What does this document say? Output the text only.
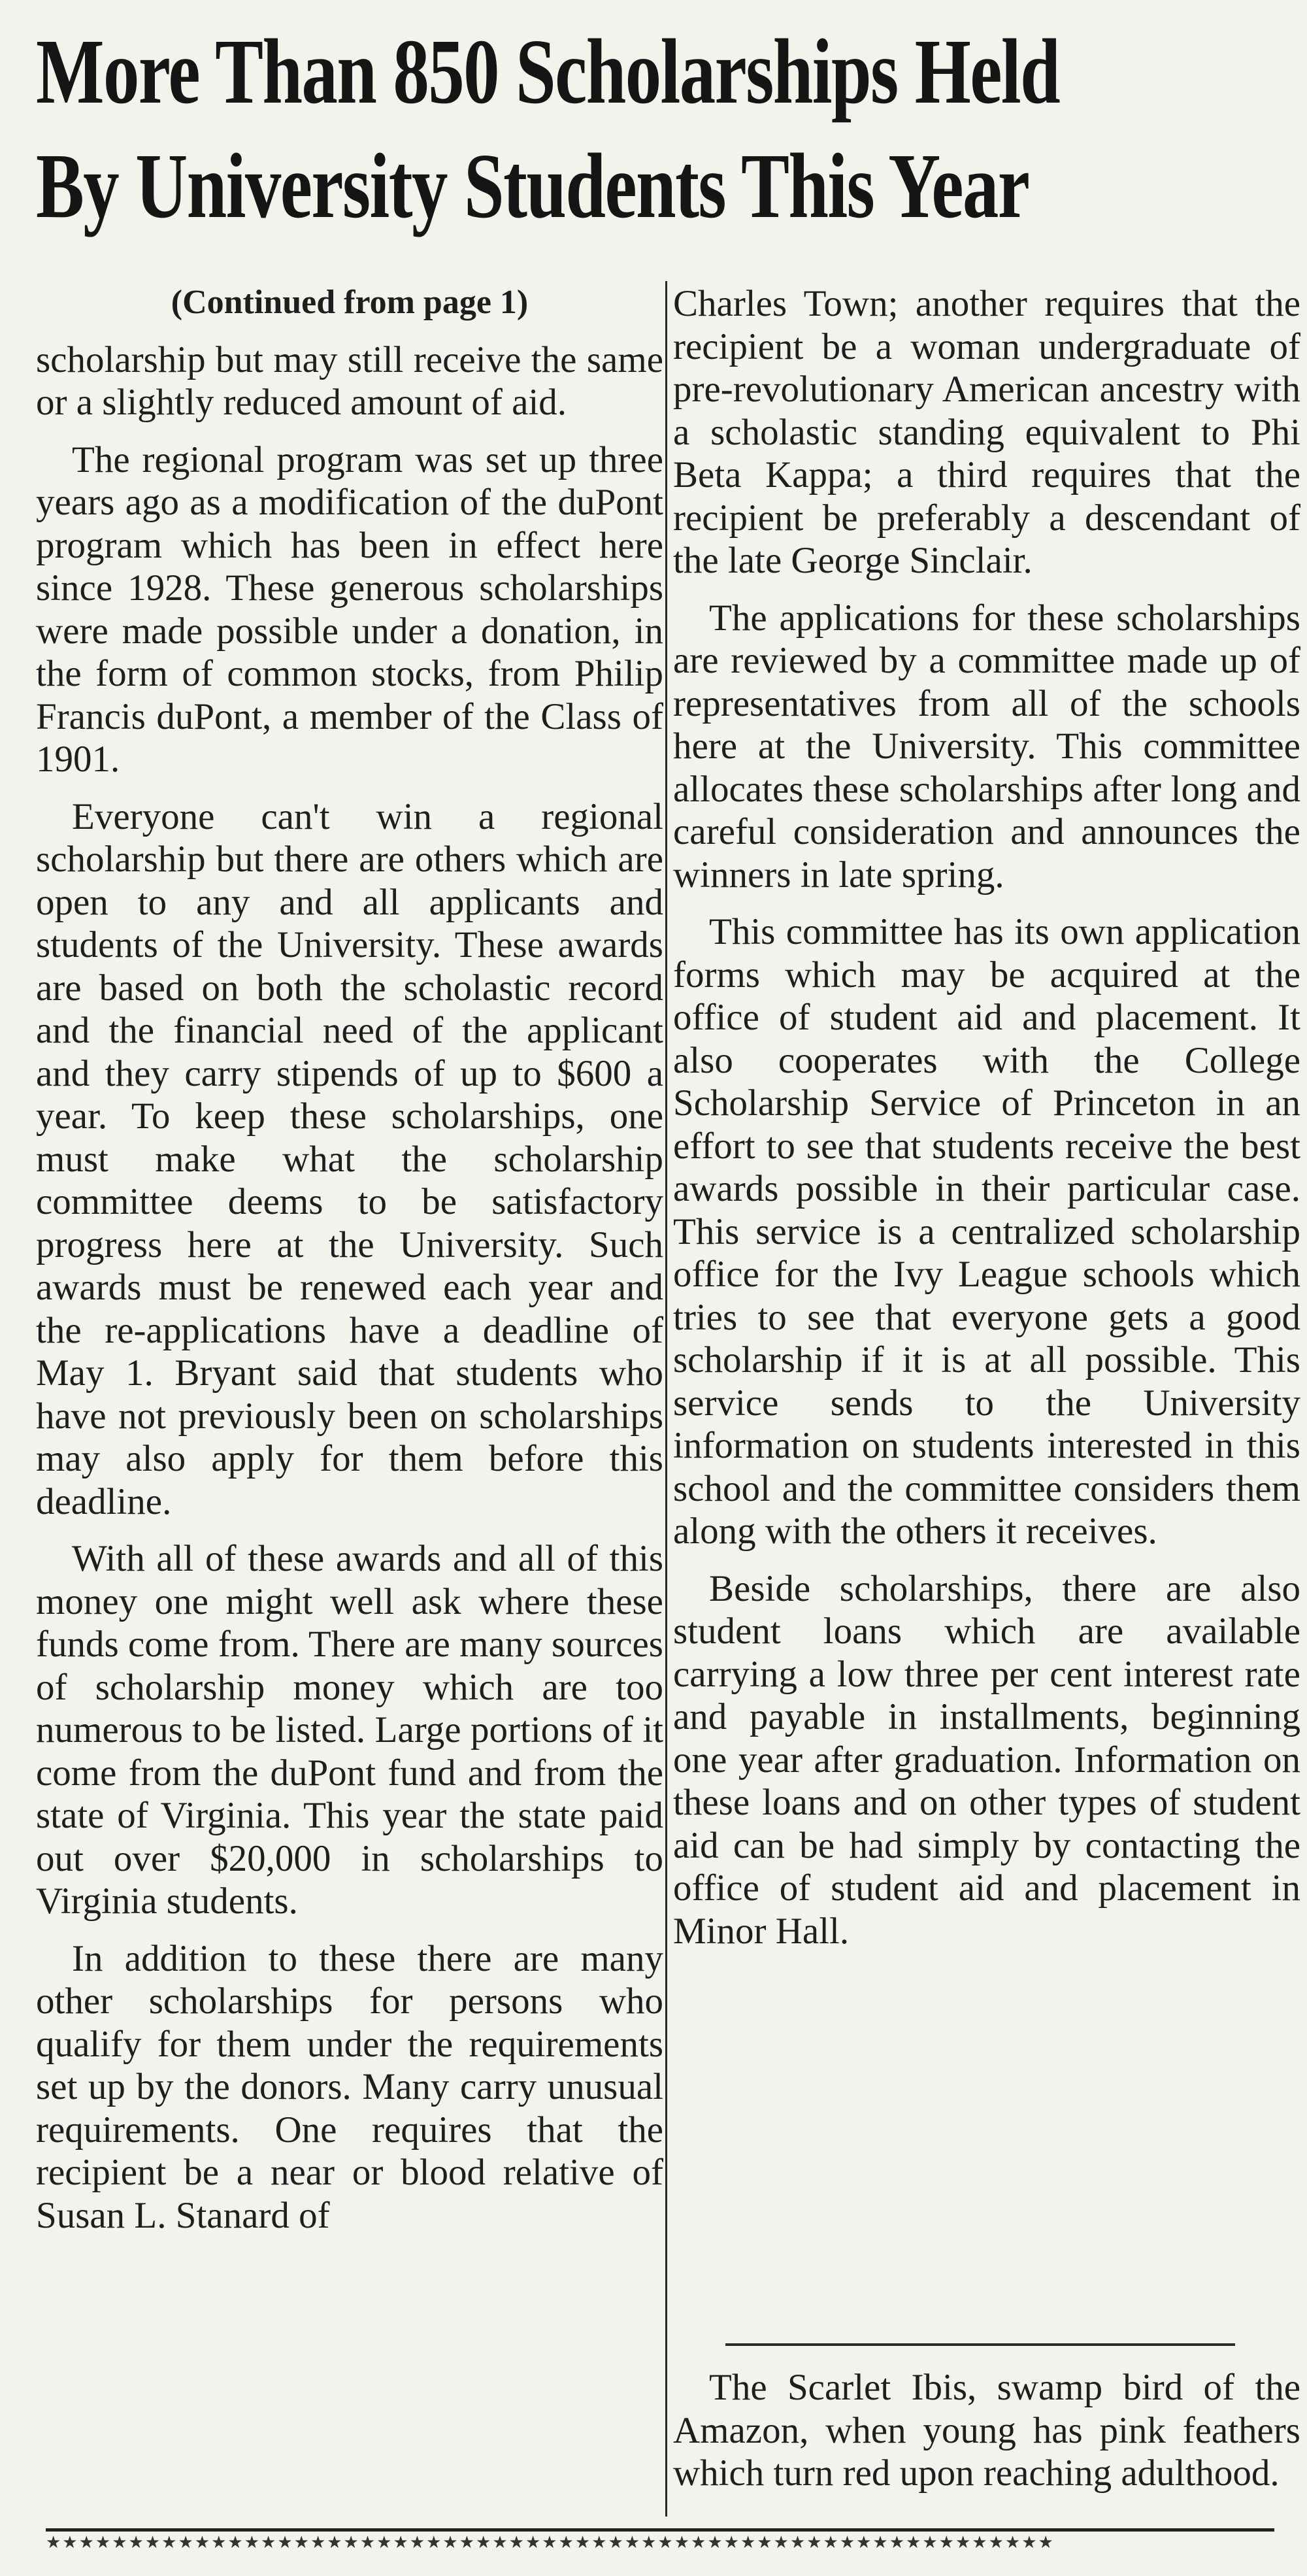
More Than 850 Scholarships Held
By University Students This Year

(Continued from page 1)

scholarship but may still receive the same or a slightly reduced amount of aid.

The regional program was set up three years ago as a modification of the duPont program which has been in effect here since 1928. These generous scholarships were made possible under a donation, in the form of common stocks, from Philip Francis duPont, a member of the Class of 1901.

Everyone can't win a regional scholarship but there are others which are open to any and all applicants and students of the University. These awards are based on both the scholastic record and the financial need of the applicant and they carry stipends of up to $600 a year. To keep these scholarships, one must make what the scholarship committee deems to be satisfactory progress here at the University. Such awards must be renewed each year and the re-applications have a deadline of May 1. Bryant said that students who have not previously been on scholarships may also apply for them before this deadline.

With all of these awards and all of this money one might well ask where these funds come from. There are many sources of scholarship money which are too numerous to be listed. Large portions of it come from the duPont fund and from the state of Virginia. This year the state paid out over $20,000 in scholarships to Virginia students.

In addition to these there are many other scholarships for persons who qualify for them under the requirements set up by the donors. Many carry unusual requirements. One requires that the recipient be a near or blood relative of Susan L. Stanard of

Charles Town; another requires that the recipient be a woman undergraduate of pre-revolutionary American ancestry with a scholastic standing equivalent to Phi Beta Kappa; a third requires that the recipient be preferably a descendant of the late George Sinclair.

The applications for these scholarships are reviewed by a committee made up of representatives from all of the schools here at the University. This committee allocates these scholarships after long and careful consideration and announces the winners in late spring.

This committee has its own application forms which may be acquired at the office of student aid and placement. It also cooperates with the College Scholarship Service of Princeton in an effort to see that students receive the best awards possible in their particular case. This service is a centralized scholarship office for the Ivy League schools which tries to see that everyone gets a good scholarship if it is at all possible. This service sends to the University information on students interested in this school and the committee considers them along with the others it receives.

Beside scholarships, there are also student loans which are available carrying a low three per cent interest rate and payable in installments, beginning one year after graduation. Information on these loans and on other types of student aid can be had simply by contacting the office of student aid and placement in Minor Hall.

The Scarlet Ibis, swamp bird of the Amazon, when young has pink feathers which turn red upon reaching adulthood.

★★★★★★★★★★★★★★★★★★★★★★★★★★★★★★★★★★★★★★★★★★★★★★★★★★★★★★★★★★★★★
